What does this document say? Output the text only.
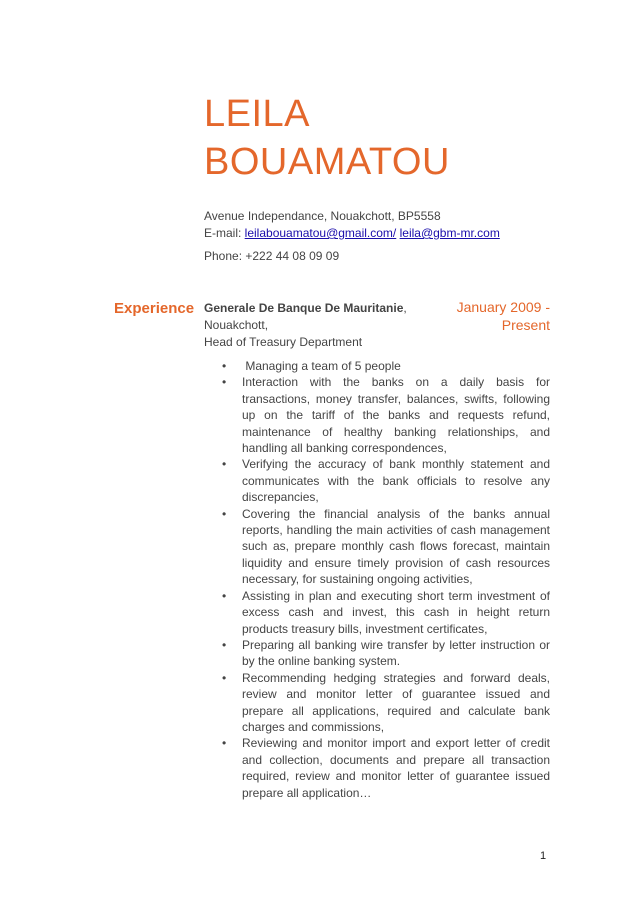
LEILA
BOUAMATOU
Avenue Independance, Nouakchott, BP5558
E-mail: leilabouamatou@gmail.com/ leila@gbm-mr.com
Phone: +222 44 08 09 09
Experience Generale De Banque De Mauritanie,
Nouakchott,
Head of Treasury Department
January 2009 -
Present
• Managing a team of 5 people
• Interaction with the banks on a daily basis for transactions, money transfer, balances, swifts, following up on the tariff of the banks and requests refund, maintenance of healthy banking relationships, and handling all banking correspondences,
• Verifying the accuracy of bank monthly statement and communicates with the bank officials to resolve any discrepancies,
• Covering the financial analysis of the banks annual reports, handling the main activities of cash management such as, prepare monthly cash flows forecast, maintain liquidity and ensure timely provision of cash resources necessary, for sustaining ongoing activities,
• Assisting in plan and executing short term investment of excess cash and invest, this cash in height return products treasury bills, investment certificates,
• Preparing all banking wire transfer by letter instruction or by the online banking system.
• Recommending hedging strategies and forward deals, review and monitor letter of guarantee issued and prepare all applications, required and calculate bank charges and commissions,
• Reviewing and monitor import and export letter of credit and collection, documents and prepare all transaction required, review and monitor letter of guarantee issued prepare all application…
1
